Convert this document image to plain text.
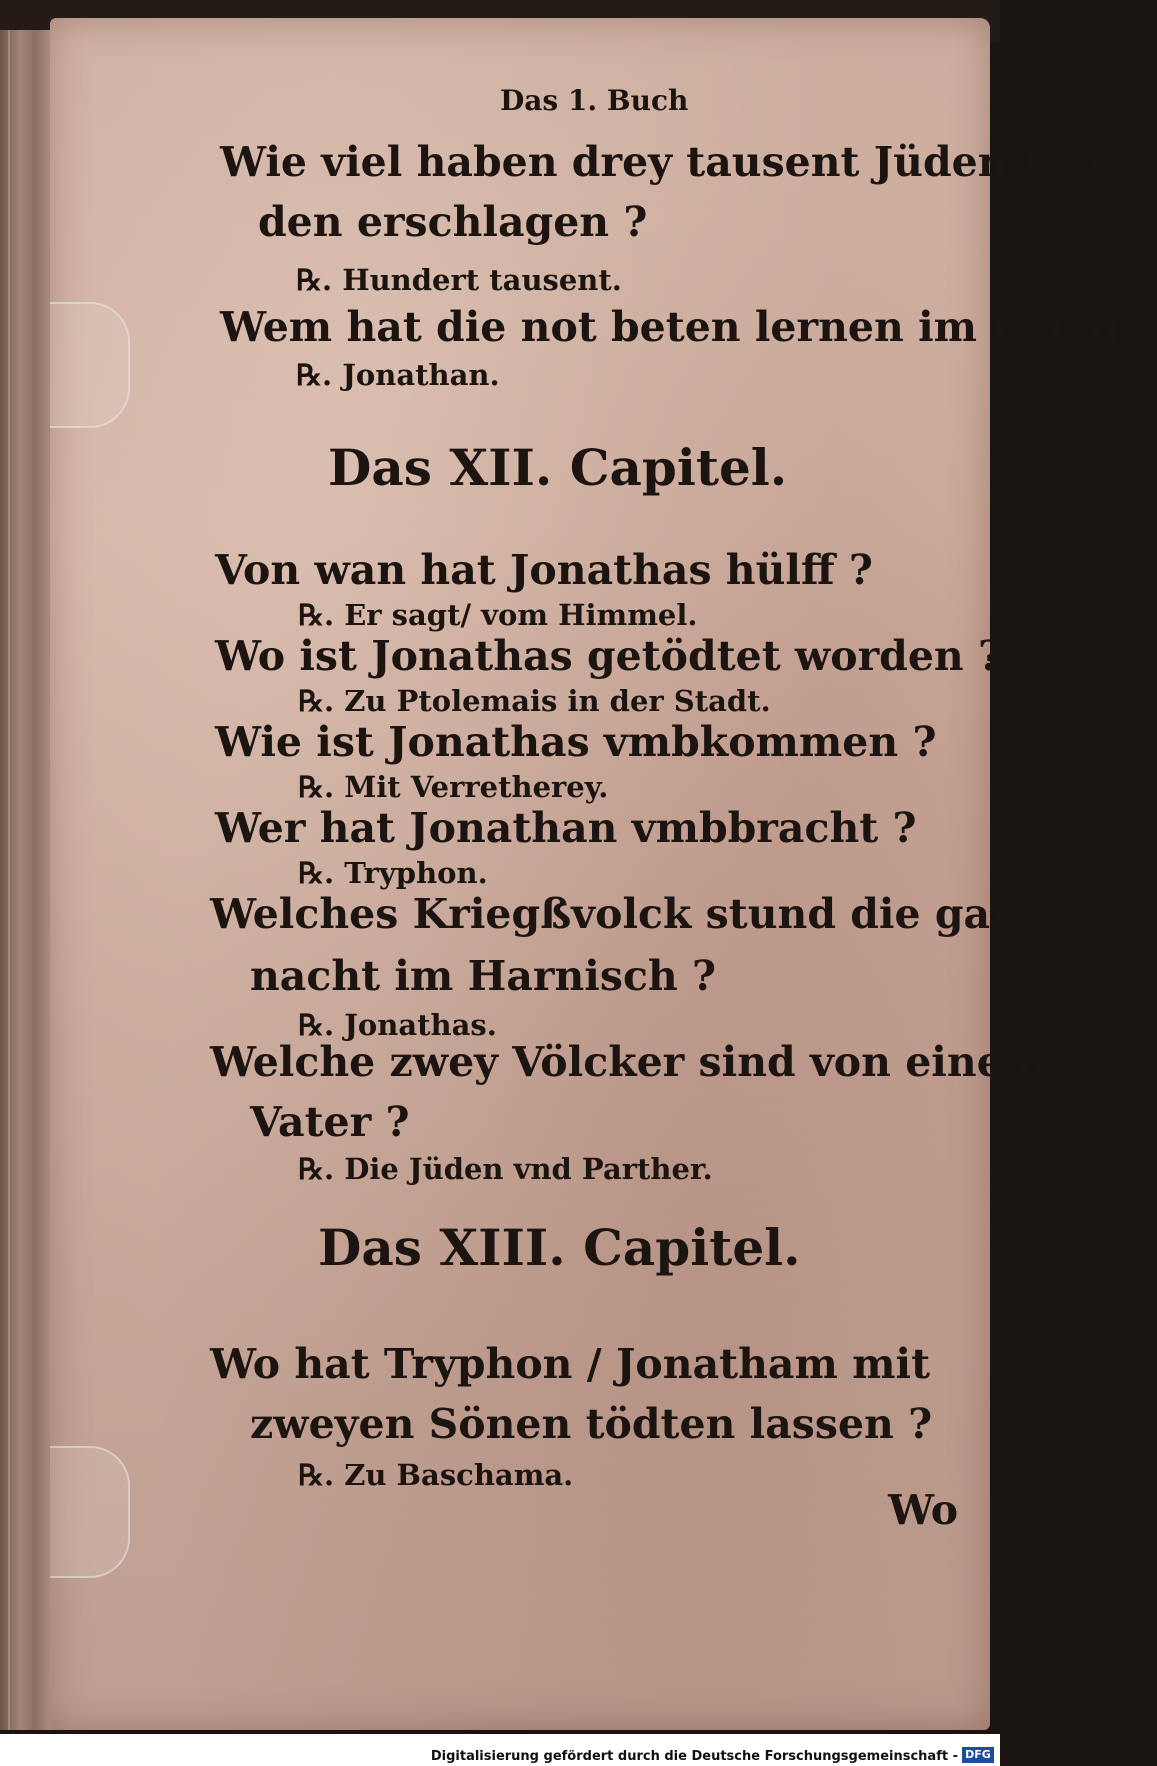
Das 1. Buch
Wie viel haben drey tausent Jüden Hei-
den erschlagen ?
℞. Hundert tausent.
Wem hat die not beten lernen im Krieg ?
℞. Jonathan.
Das XII. Capitel.
Von wan hat Jonathas hülff ?
℞. Er sagt/ vom Himmel.
Wo ist Jonathas getödtet worden ?
℞. Zu Ptolemais in der Stadt.
Wie ist Jonathas vmbkommen ?
℞. Mit Verretherey.
Wer hat Jonathan vmbbracht ?
℞. Tryphon.
Welches Kriegßvolck stund die gantze
nacht im Harnisch ?
℞. Jonathas.
Welche zwey Völcker sind von einem
Vater ?
℞. Die Jüden vnd Parther.
Das XIII. Capitel.
Wo hat Tryphon / Jonatham mit
zweyen Sönen tödten lassen ?
℞. Zu Baschama.
Wo
Digitalisierung gefördert durch die Deutsche Forschungsgemeinschaft - DFG
